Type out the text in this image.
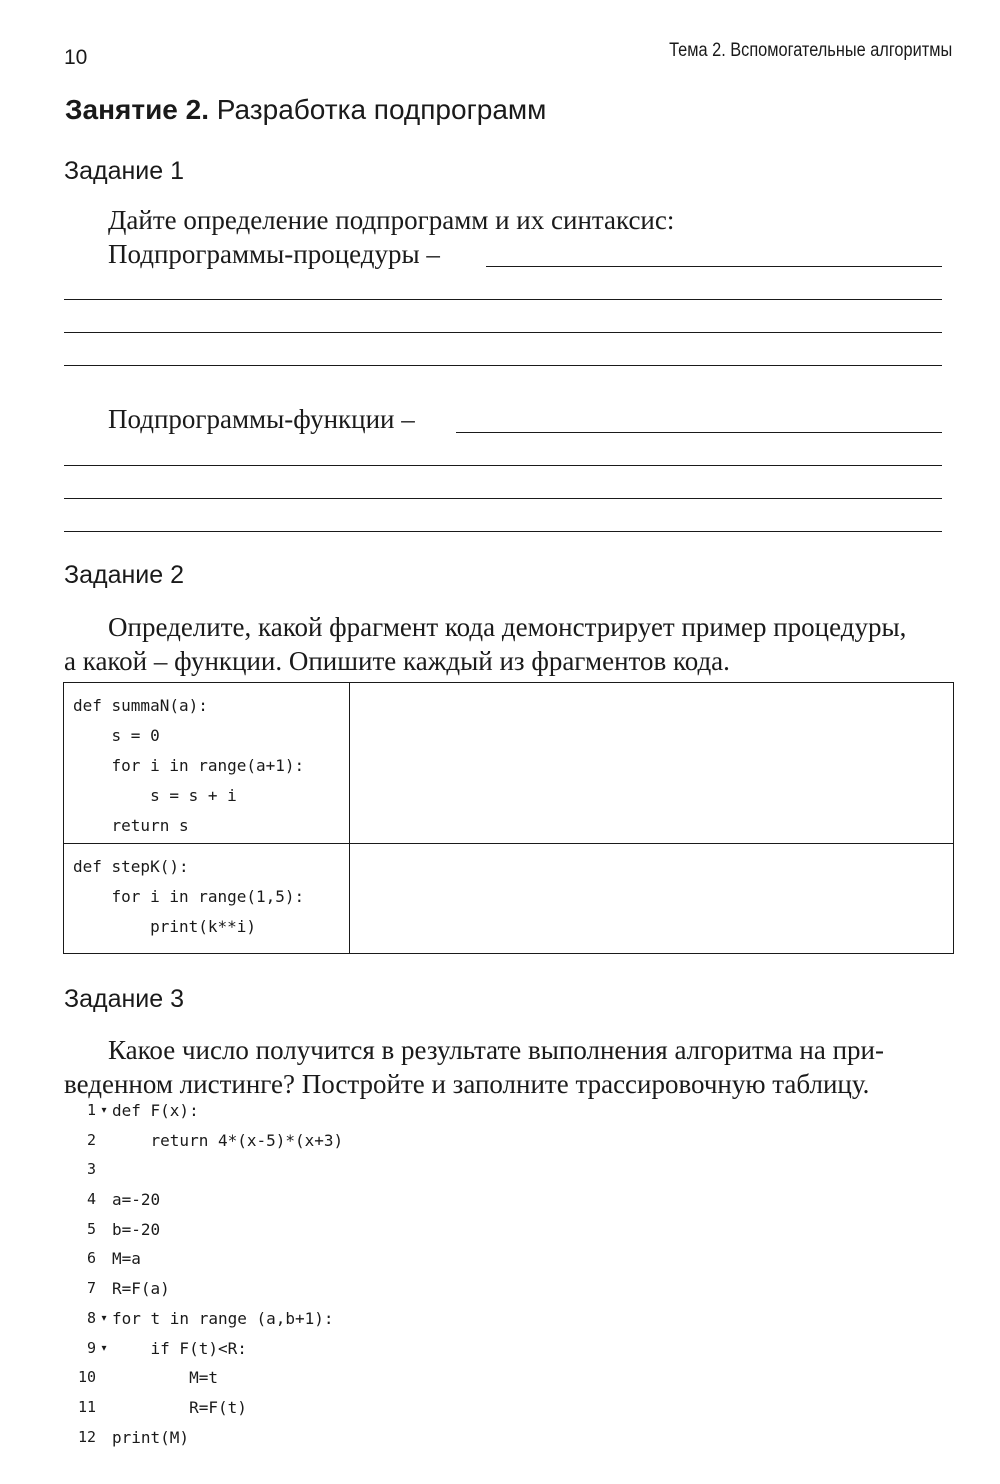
10	Тема 2. Вспомогательные алгоритмы
Занятие 2. Разработка подпрограмм
Задание 1
Дайте определение подпрограмм и их синтаксис:
Подпрограммы-процедуры –
Подпрограммы-функции –
Задание 2
Определите, какой фрагмент кода демонстрирует пример процедуры,
а какой – функции. Опишите каждый из фрагментов кода.
def summaN(a):
s = 0
for i in range(a+1):
s = s + i
return s	

def stepK():
for i in range(1,5):
print(k**i)	

Задание 3
Какое число получится в результате выполнения алгоритма на при-
веденном листинге? Постройте и заполните трассировочную таблицу.
1 ▾ def F(x):
2 return 4*(x-5)*(x+3)
3
4 a=-20
5 b=-20
6 M=a
7 R=F(a)
8 ▾ for t in range (a,b+1):
9 ▾ if F(t)<R:
10 M=t
11 R=F(t)
12 print(M)
